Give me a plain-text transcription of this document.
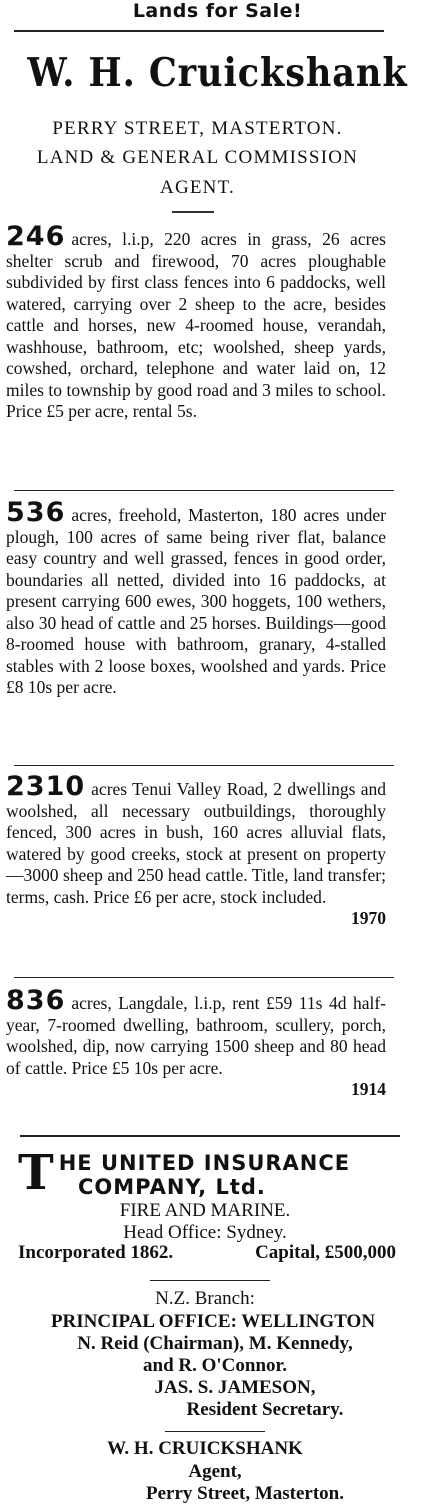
Lands for Sale!
W. H. Cruickshank
PERRY STREET, MASTERTON.
LAND & GENERAL COMMISSION
AGENT.
246 acres, l.i.p, 220 acres in grass, 26 acres shelter scrub and firewood, 70 acres ploughable subdivided by first class fences into 6 paddocks, well watered, carrying over 2 sheep to the acre, besides cattle and horses, new 4-roomed house, verandah, washhouse, bathroom, etc; woolshed, sheep yards, cowshed, orchard, telephone and water laid on, 12 miles to township by good road and 3 miles to school. Price £5 per acre, rental 5s.
536 acres, freehold, Masterton, 180 acres under plough, 100 acres of same being river flat, balance easy country and well grassed, fences in good order, boundaries all netted, divided into 16 paddocks, at present carrying 600 ewes, 300 hoggets, 100 wethers, also 30 head of cattle and 25 horses. Buildings—good 8-roomed house with bathroom, granary, 4-stalled stables with 2 loose boxes, woolshed and yards. Price £8 10s per acre.
2310 acres Tenui Valley Road, 2 dwellings and woolshed, all necessary outbuildings, thoroughly fenced, 300 acres in bush, 160 acres alluvial flats, watered by good creeks, stock at present on property—3000 sheep and 250 head cattle. Title, land transfer; terms, cash. Price £6 per acre, stock included.
1970
836 acres, Langdale, l.i.p, rent £59 11s 4d half-year, 7-roomed dwelling, bathroom, scullery, porch, woolshed, dip, now carrying 1500 sheep and 80 head of cattle. Price £5 10s per acre.
1914
T HE UNITED INSURANCE
COMPANY, Ltd.
FIRE AND MARINE.
Head Office: Sydney.
Incorporated 1862.	Capital, £500,000
N.Z. Branch:
PRINCIPAL OFFICE: WELLINGTON
N. Reid (Chairman), M. Kennedy,
and R. O'Connor.
JAS. S. JAMESON,
Resident Secretary.
W. H. CRUICKSHANK
Agent,
Perry Street, Masterton.
